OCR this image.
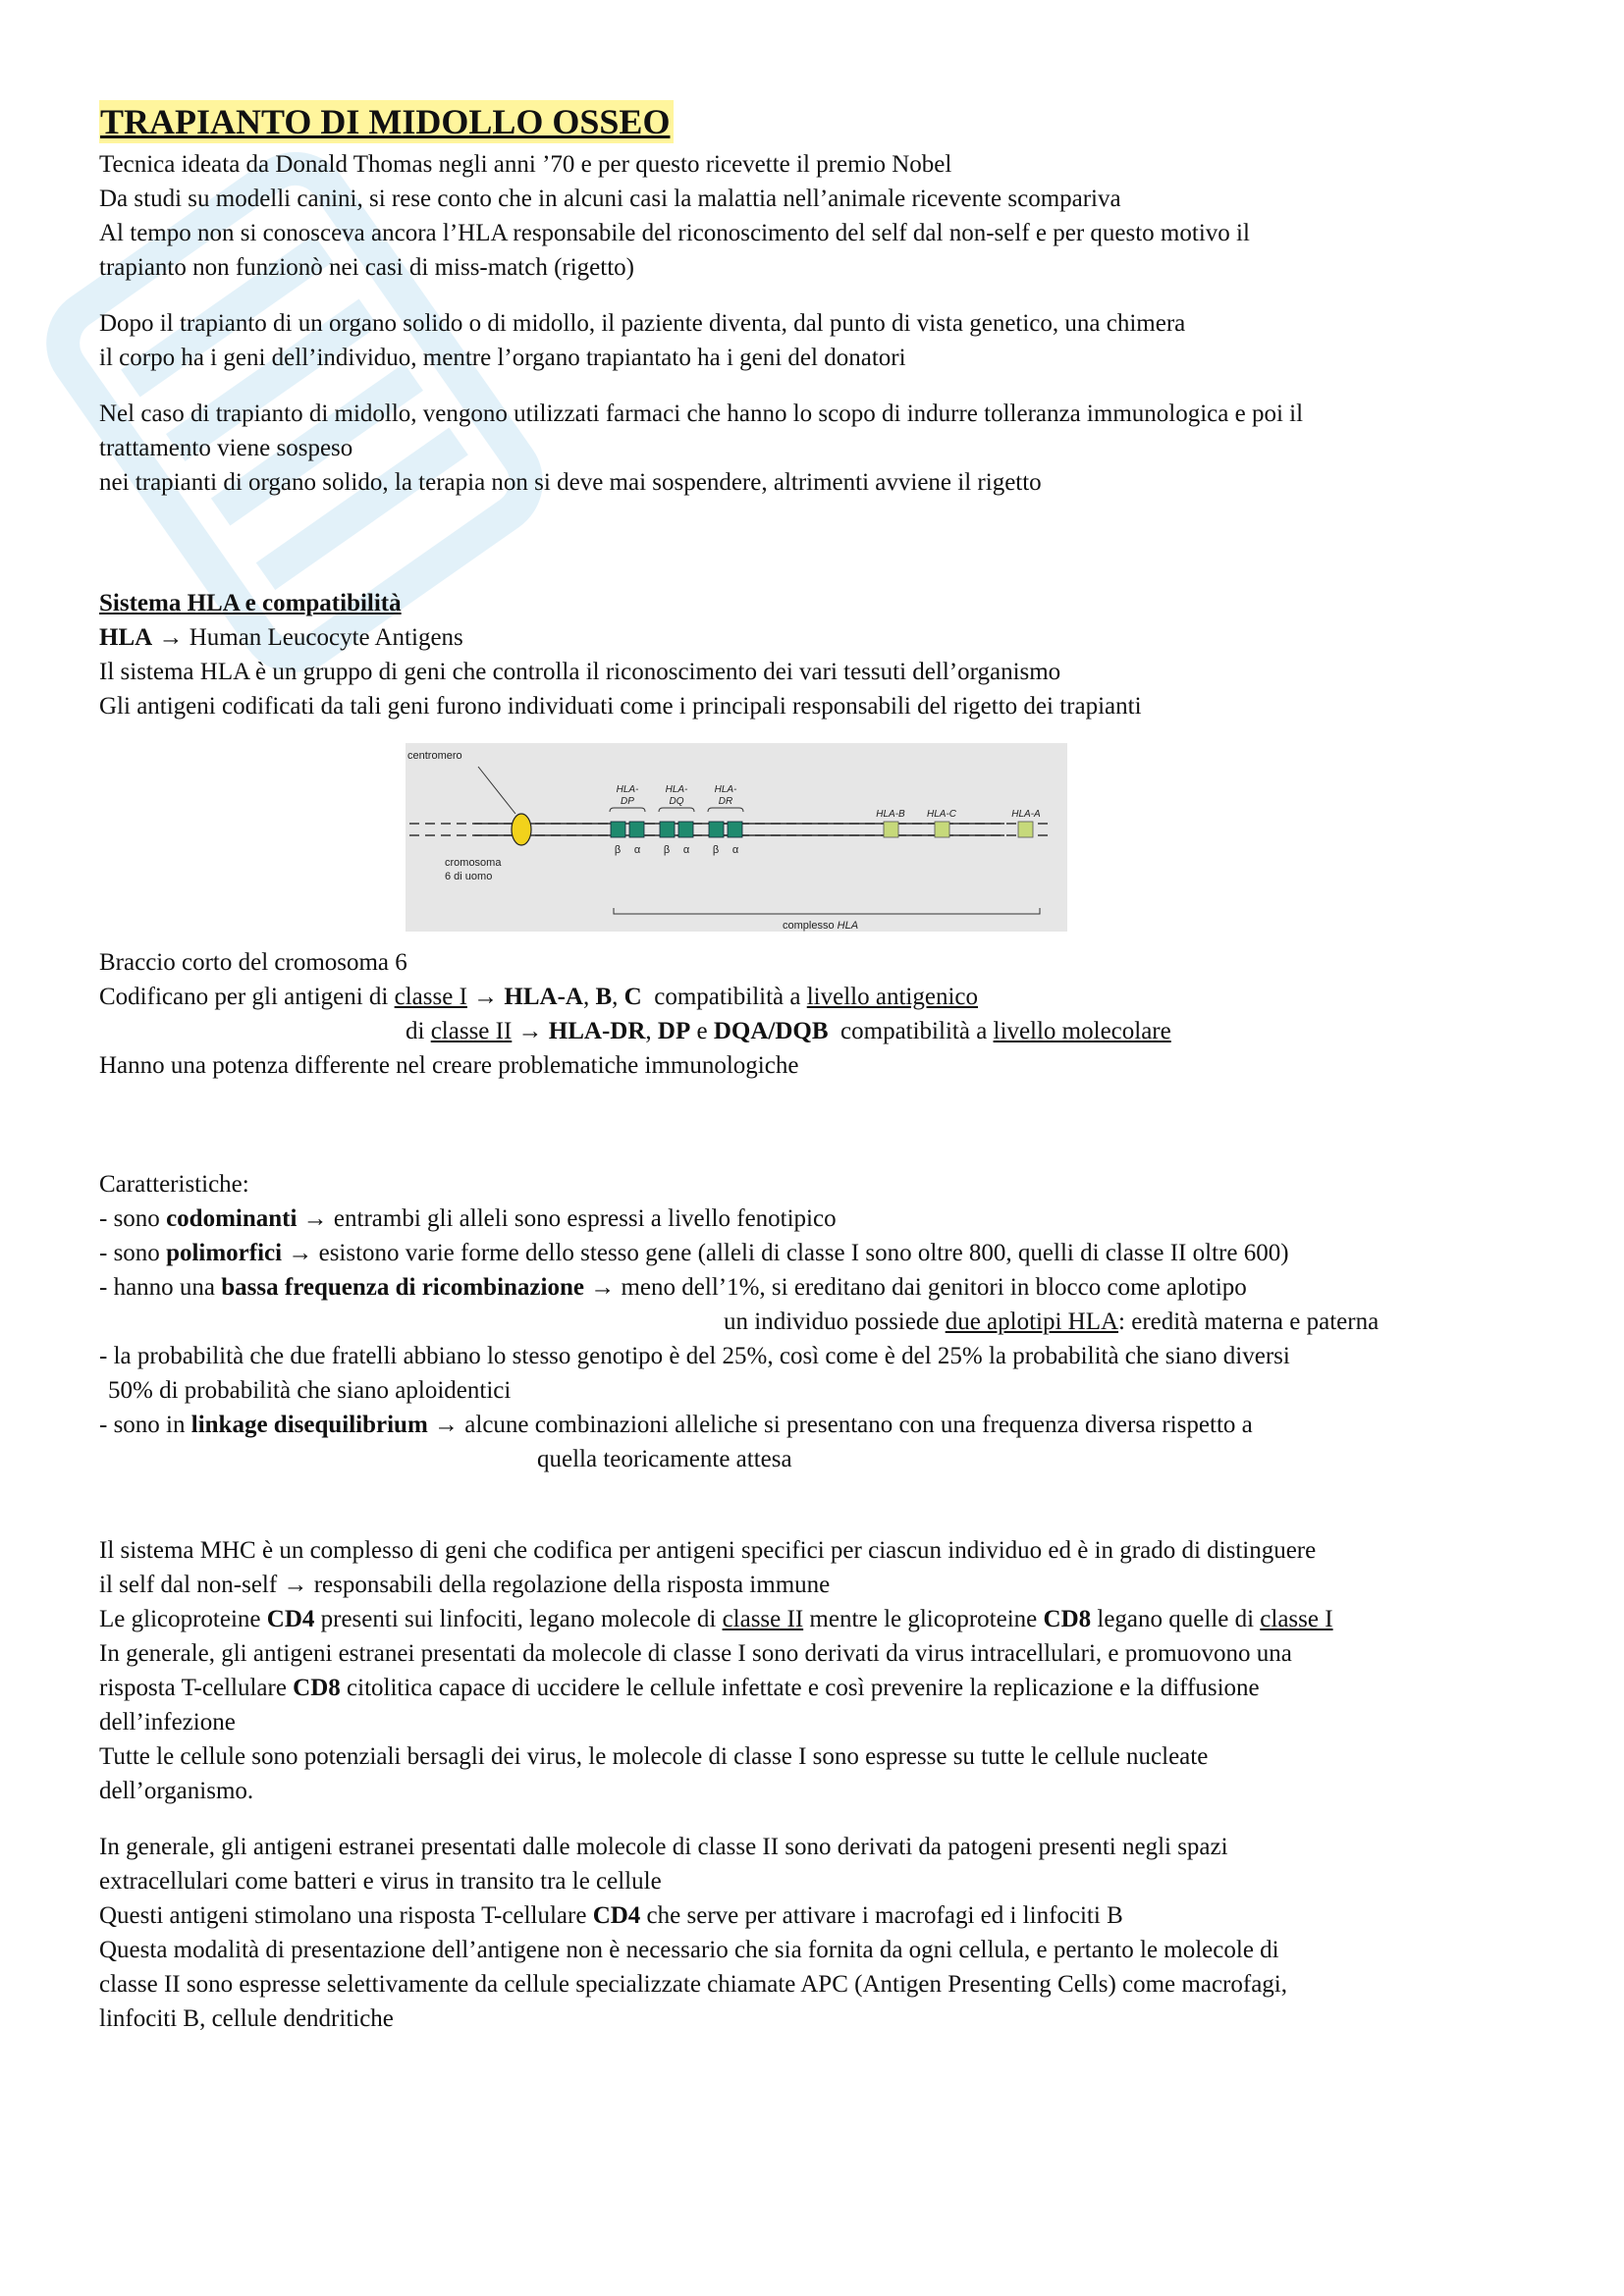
TRAPIANTO DI MIDOLLO OSSEO

Tecnica ideata da Donald Thomas negli anni ’70 e per questo ricevette il premio Nobel

Da studi su modelli canini, si rese conto che in alcuni casi la malattia nell’animale ricevente scompariva

Al tempo non si conosceva ancora l’HLA responsabile del riconoscimento del self dal non-self e per questo motivo il

trapianto non funzionò nei casi di miss-match (rigetto)

Dopo il trapianto di un organo solido o di midollo, il paziente diventa, dal punto di vista genetico, una chimera

il corpo ha i geni dell’individuo, mentre l’organo trapiantato ha i geni del donatori

Nel caso di trapianto di midollo, vengono utilizzati farmaci che hanno lo scopo di indurre tolleranza immunologica e poi il

trattamento viene sospeso

nei trapianti di organo solido, la terapia non si deve mai sospendere, altrimenti avviene il rigetto

Sistema HLA e compatibilità

HLA → Human Leucocyte Antigens

Il sistema HLA è un gruppo di geni che controlla il riconoscimento dei vari tessuti dell’organismo

Gli antigeni codificati da tali geni furono individuati come i principali responsabili del rigetto dei trapianti

centromero
cromosoma
6 di uomo
HLA-
DP
HLA-
DQ
HLA-
DR
β α β α β α
HLA-B HLA-C	HLA-A
complesso HLA

Braccio corto del cromosoma 6

Codificano per gli antigeni di classe I → HLA-A, B, C  compatibilità a livello antigenico

di classe II → HLA-DR, DP e DQA/DQB  compatibilità a livello molecolare

Hanno una potenza differente nel creare problematiche immunologiche

Caratteristiche:

- sono codominanti → entrambi gli alleli sono espressi a livello fenotipico

- sono polimorfici → esistono varie forme dello stesso gene (alleli di classe I sono oltre 800, quelli di classe II oltre 600)

- hanno una bassa frequenza di ricombinazione → meno dell’1%, si ereditano dai genitori in blocco come aplotipo

un individuo possiede due aplotipi HLA: eredità materna e paterna

- la probabilità che due fratelli abbiano lo stesso genotipo è del 25%, così come è del 25% la probabilità che siano diversi

50% di probabilità che siano aploidentici

- sono in linkage disequilibrium → alcune combinazioni alleliche si presentano con una frequenza diversa rispetto a

quella teoricamente attesa

Il sistema MHC è un complesso di geni che codifica per antigeni specifici per ciascun individuo ed è in grado di distinguere

il self dal non-self → responsabili della regolazione della risposta immune

Le glicoproteine CD4 presenti sui linfociti, legano molecole di classe II mentre le glicoproteine CD8 legano quelle di classe I

In generale, gli antigeni estranei presentati da molecole di classe I sono derivati da virus intracellulari, e promuovono una

risposta T-cellulare CD8 citolitica capace di uccidere le cellule infettate e così prevenire la replicazione e la diffusione

dell’infezione

Tutte le cellule sono potenziali bersagli dei virus, le molecole di classe I sono espresse su tutte le cellule nucleate

dell’organismo.

In generale, gli antigeni estranei presentati dalle molecole di classe II sono derivati da patogeni presenti negli spazi

extracellulari come batteri e virus in transito tra le cellule

Questi antigeni stimolano una risposta T-cellulare CD4 che serve per attivare i macrofagi ed i linfociti B

Questa modalità di presentazione dell’antigene non è necessario che sia fornita da ogni cellula, e pertanto le molecole di

classe II sono espresse selettivamente da cellule specializzate chiamate APC (Antigen Presenting Cells) come macrofagi,

linfociti B, cellule dendritiche
